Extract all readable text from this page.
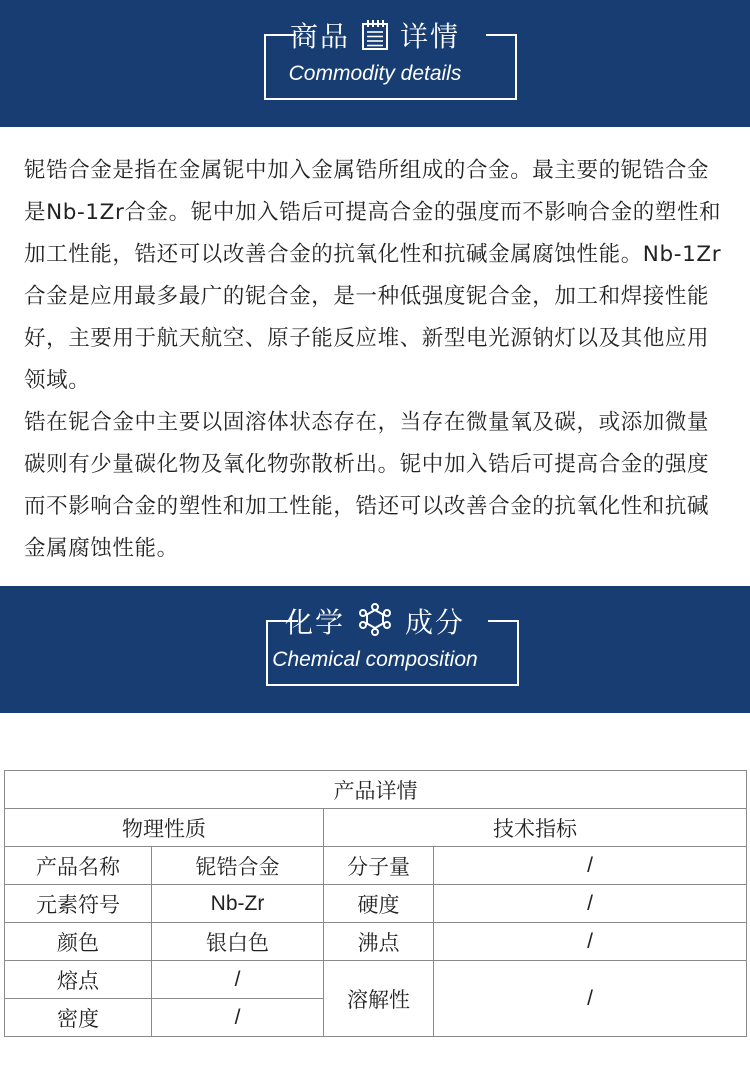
商品 详情
Commodity details

铌锆合金是指在金属铌中加入金属锆所组成的合金。最主要的铌锆合金是Nb-1Zr合金。铌中加入锆后可提高合金的强度而不影响合金的塑性和加工性能，锆还可以改善合金的抗氧化性和抗碱金属腐蚀性能。Nb-1Zr合金是应用最多最广的铌合金，是一种低强度铌合金，加工和焊接性能好，主要用于航天航空、原子能反应堆、新型电光源钠灯以及其他应用领域。

锆在铌合金中主要以固溶体状态存在，当存在微量氧及碳，或添加微量碳则有少量碳化物及氧化物弥散析出。铌中加入锆后可提高合金的强度而不影响合金的塑性和加工性能，锆还可以改善合金的抗氧化性和抗碱金属腐蚀性能。

化学 成分
Chemical composition
产品详情			
物理性质		技术指标	
产品名称	铌锆合金	分子量	/
元素符号	Nb-Zr	硬度	/
颜色	银白色	沸点	/
熔点	/	溶解性	/
密度	/		
